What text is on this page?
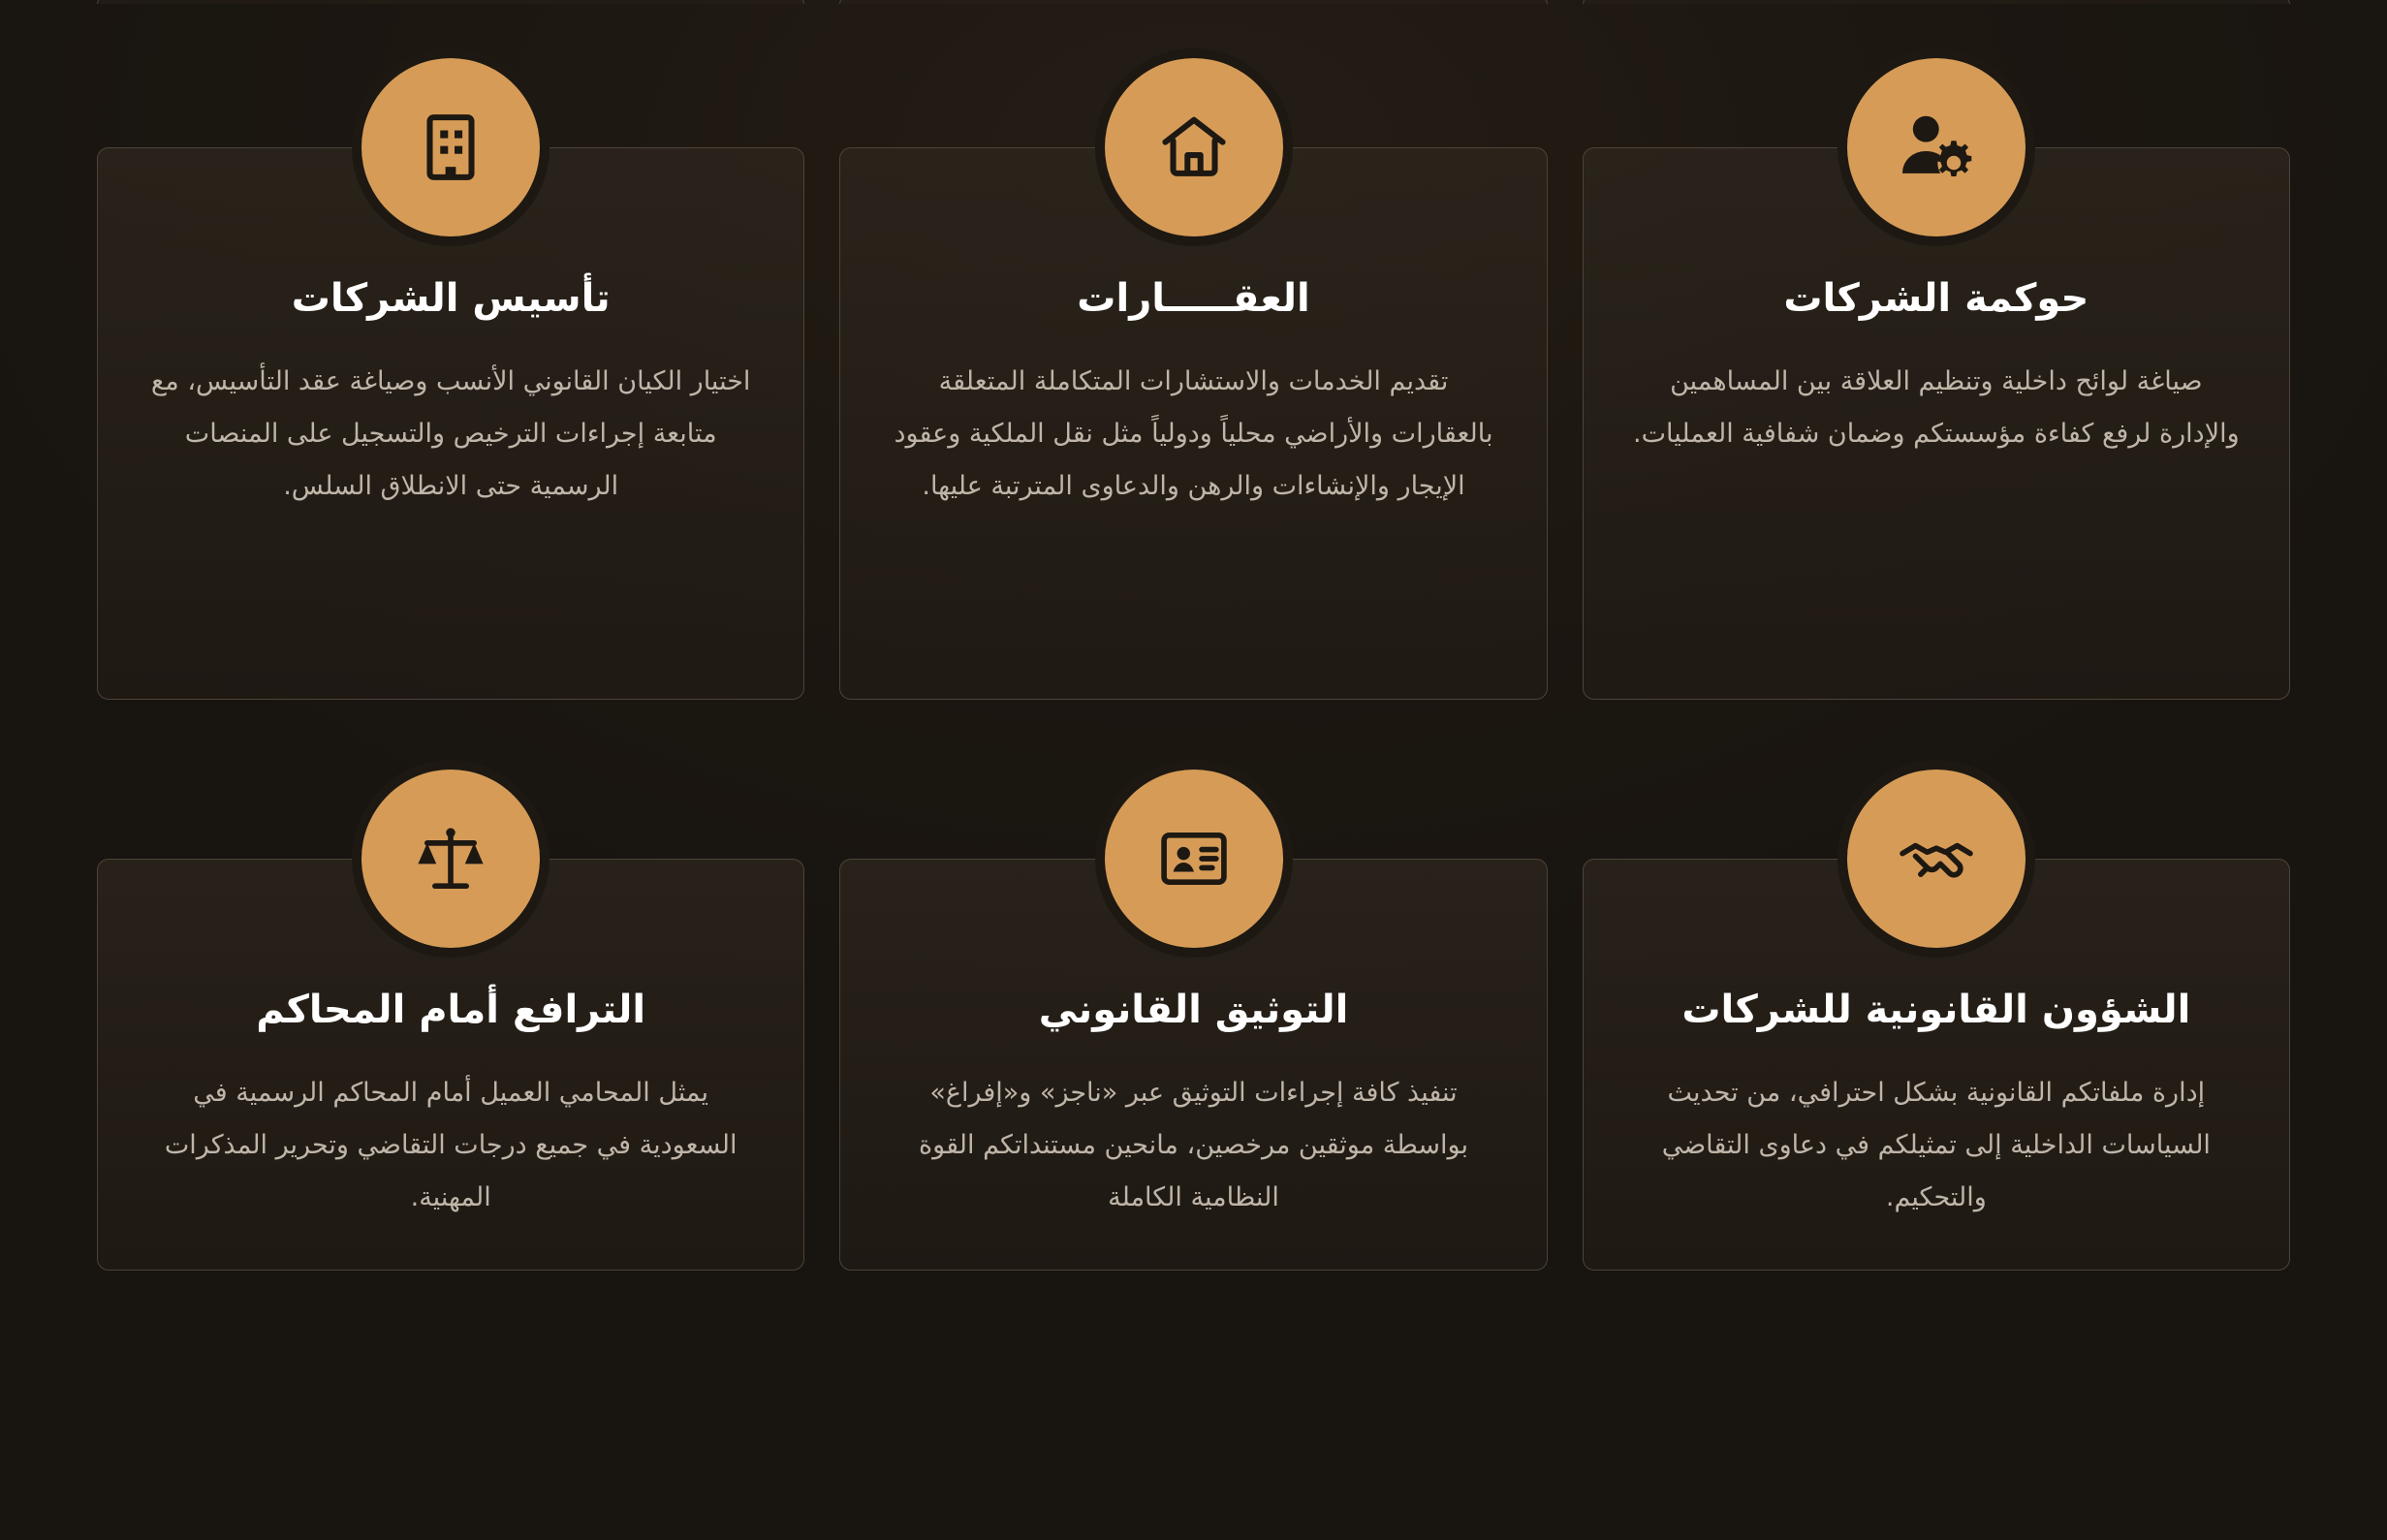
حوكمة الشركات

صياغة لوائح داخلية وتنظيم العلاقة بين المساهمين والإدارة لرفع كفاءة مؤسستكم وضمان شفافية العمليات.

العقـــــارات

تقديم الخدمات والاستشارات المتكاملة المتعلقة بالعقارات والأراضي محلياً ودولياً مثل نقل الملكية وعقود الإيجار والإنشاءات والرهن والدعاوى المترتبة عليها.

تأسيس الشركات

اختيار الكيان القانوني الأنسب وصياغة عقد التأسيس، مع متابعة إجراءات الترخيص والتسجيل على المنصات الرسمية حتى الانطلاق السلس.

الشؤون القانونية للشركات

إدارة ملفاتكم القانونية بشكل احترافي، من تحديث السياسات الداخلية إلى تمثيلكم في دعاوى التقاضي والتحكيم.

التوثيق القانوني

تنفيذ كافة إجراءات التوثيق عبر «ناجز» و«إفراغ» بواسطة موثقين مرخصين، مانحين مستنداتكم القوة النظامية الكاملة

الترافع أمام المحاكم

يمثل المحامي العميل أمام المحاكم الرسمية في السعودية في جميع درجات التقاضي وتحرير المذكرات المهنية.
